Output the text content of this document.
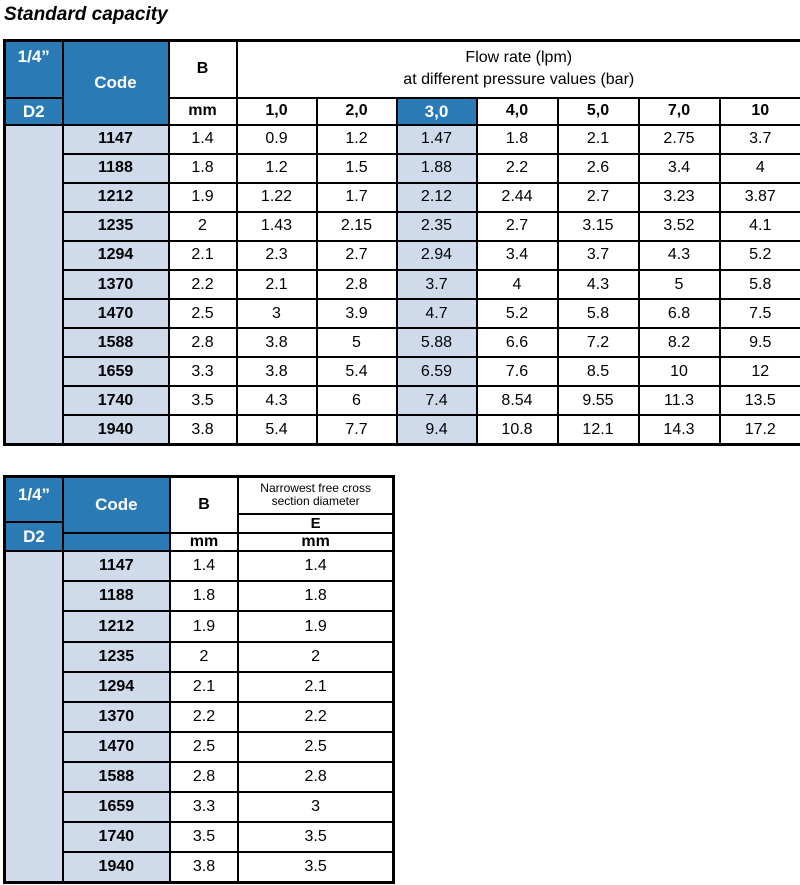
Standard capacity
1/4”	Code	B	Flow rate (lpm)
at different pressure values (bar)						

D2		mm	1,0	2,0	3,0	4,0	5,0	7,0	10
	1147	1.4	0.9	1.2	1.47	1.8	2.1	2.75	3.7
	1188	1.8	1.2	1.5	1.88	2.2	2.6	3.4	4
	1212	1.9	1.22	1.7	2.12	2.44	2.7	3.23	3.87
	1235	2	1.43	2.15	2.35	2.7	3.15	3.52	4.1
	1294	2.1	2.3	2.7	2.94	3.4	3.7	4.3	5.2
	1370	2.2	2.1	2.8	3.7	4	4.3	5	5.8
	1470	2.5	3	3.9	4.7	5.2	5.8	6.8	7.5
	1588	2.8	3.8	5	5.88	6.6	7.2	8.2	9.5
	1659	3.3	3.8	5.4	6.59	7.6	8.5	10	12
	1740	3.5	4.3	6	7.4	8.54	9.55	11.3	13.5
	1940	3.8	5.4	7.7	9.4	10.8	12.1	14.3	17.2
1/4”	Code	B	Narrowest free cross section diameter
			E
D2			
		mm	mm
	1147	1.4	1.4
	1188	1.8	1.8
	1212	1.9	1.9
	1235	2	2
	1294	2.1	2.1
	1370	2.2	2.2
	1470	2.5	2.5
	1588	2.8	2.8
	1659	3.3	3
	1740	3.5	3.5
	1940	3.8	3.5
